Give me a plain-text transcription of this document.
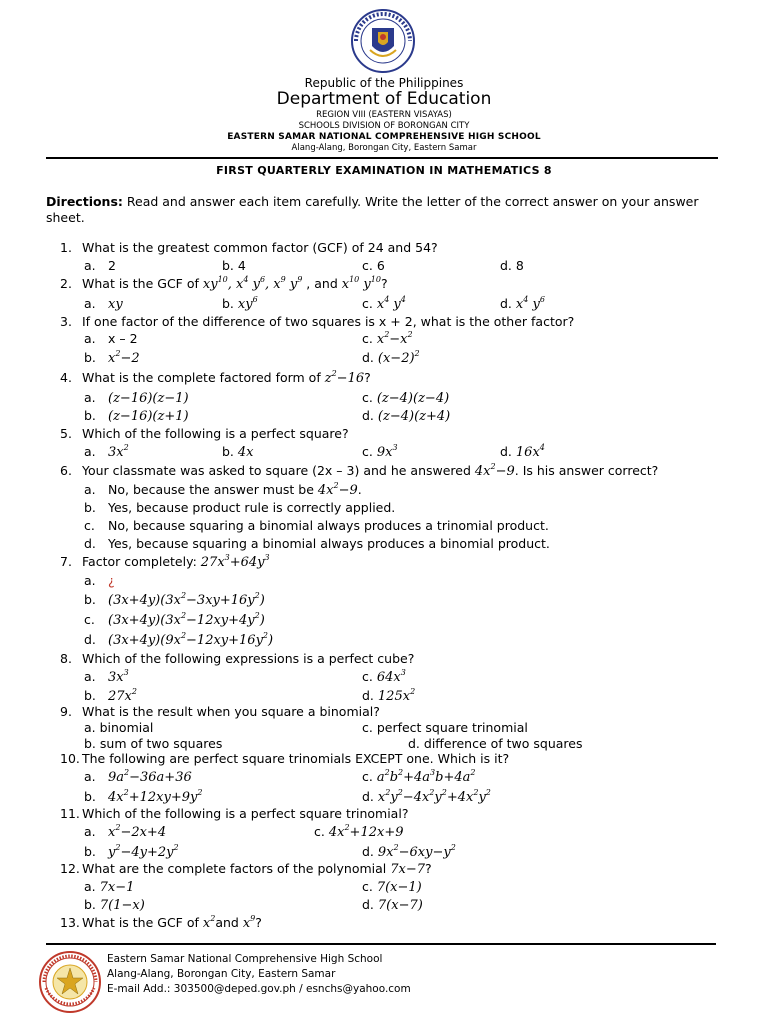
Republic of the Philippines
Department of Education
REGION VIII (EASTERN VISAYAS)
SCHOOLS DIVISION OF BORONGAN CITY
EASTERN SAMAR NATIONAL COMPREHENSIVE HIGH SCHOOL
Alang-Alang, Borongan City, Eastern Samar
FIRST QUARTERLY EXAMINATION IN MATHEMATICS 8
Directions: Read and answer each item carefully. Write the letter of the correct answer on your answer sheet.
1. What is the greatest common factor (GCF) of 24 and 54?
a. 2	b. 4	c. 6	d. 8
2. What is the GCF of $xy^{10}$, $x^4$ $y^6$, $x^9$ $y^9$ , and $x^{10}$ $y^{10}$?
a. xy	b. $xy^6$	c. $x^4$ $y^4$	d. $x^4$ $y^6$
3. If one factor of the difference of two squares is x + 2, what is the other factor?
a. x – 2	c. $x^2-x^2$
b. $x^2-2$	d. $(x-2)^2$
4. What is the complete factored form of $z^2-16$?
a. (z−16)(z−1)	c. (z−4)(z−4)
b. (z−16)(z+1)	d. (z−4)(z+4)
5. Which of the following is a perfect square?
a. $3x^2$	b. 4x	c. $9x^3$	d. $16x^4$
6. Your classmate was asked to square (2x – 3) and he answered $4x^2-9$. Is his answer correct?
a. No, because the answer must be $4x^2-9$.
b. Yes, because product rule is correctly applied.
c. No, because squaring a binomial always produces a trinomial product.
d. Yes, because squaring a binomial always produces a binomial product.
7. Factor completely: $27x^3+64y^3$
a. ¿
b. $(3x+4y)(3x^2-3xy+16y^2)$
c. $(3x+4y)(3x^2-12xy+4y^2)$
d. $(3x+4y)(9x^2-12xy+16y^2)$
8. Which of the following expressions is a perfect cube?
a. $3x^3$	c. $64x^3$
b. $27x^2$	d. $125x^2$
9. What is the result when you square a binomial?
a. binomial	c. perfect square trinomial
b. sum of two squares	d. difference of two squares
10. The following are perfect square trinomials EXCEPT one. Which is it?
a. $9a^2-36a+36$	c. $a^2b^2+4a^3b+4a^2$
b. $4x^2+12xy+9y^2$	d. $x^2y^2-4x^2y^2+4x^2y^2$
11. Which of the following is a perfect square trinomial?
a. $x^2-2x+4$	c. $4x^2+12x+9$
b. $y^2-4y+2y^2$	d. $9x^2-6xy-y^2$
12. What are the complete factors of the polynomial 7x−7?
a. 7x−1	c. 7(x−1)
b. 7(1−x)	d. 7(x−7)
13. What is the GCF of $x^2and$ $x^9$?
Eastern Samar National Comprehensive High School
Alang-Alang, Borongan City, Eastern Samar
E-mail Add.: 303500@deped.gov.ph / esnchs@yahoo.com
